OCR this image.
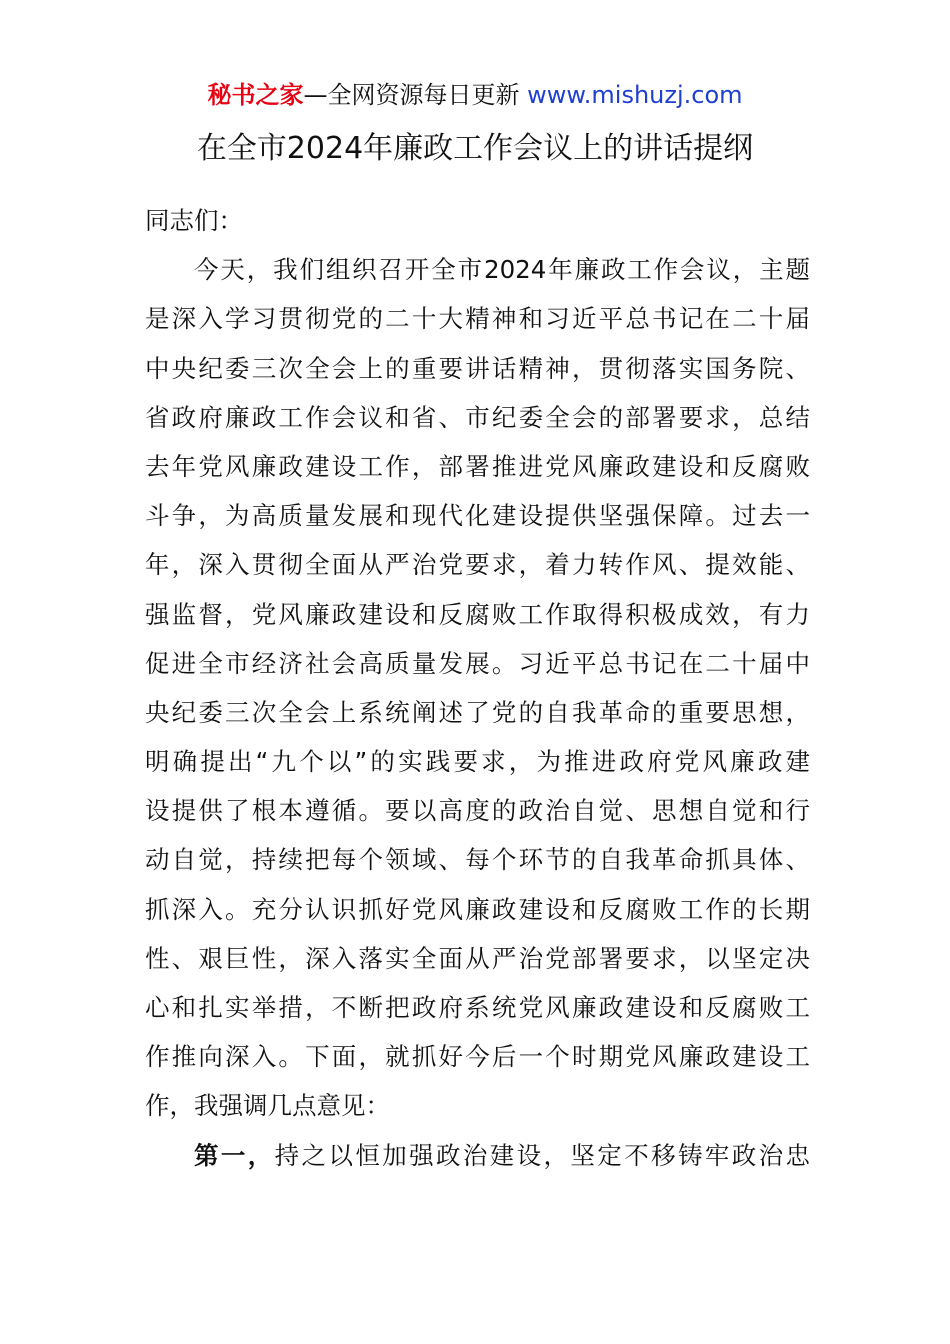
秘书之家—全网资源每日更新 www.mishuzj.com
在全市2024年廉政工作会议上的讲话提纲
同志们：
今天，我们组织召开全市2024年廉政工作会议，主题
是深入学习贯彻党的二十大精神和习近平总书记在二十届
中央纪委三次全会上的重要讲话精神，贯彻落实国务院、
省政府廉政工作会议和省、市纪委全会的部署要求，总结
去年党风廉政建设工作，部署推进党风廉政建设和反腐败
斗争，为高质量发展和现代化建设提供坚强保障。过去一
年，深入贯彻全面从严治党要求，着力转作风、提效能、
强监督，党风廉政建设和反腐败工作取得积极成效，有力
促进全市经济社会高质量发展。习近平总书记在二十届中
央纪委三次全会上系统阐述了党的自我革命的重要思想，
明确提出“九个以”的实践要求，为推进政府党风廉政建
设提供了根本遵循。要以高度的政治自觉、思想自觉和行
动自觉，持续把每个领域、每个环节的自我革命抓具体、
抓深入。充分认识抓好党风廉政建设和反腐败工作的长期
性、艰巨性，深入落实全面从严治党部署要求，以坚定决
心和扎实举措，不断把政府系统党风廉政建设和反腐败工
作推向深入。下面，就抓好今后一个时期党风廉政建设工
作，我强调几点意见：
第一，持之以恒加强政治建设，坚定不移铸牢政治忠
